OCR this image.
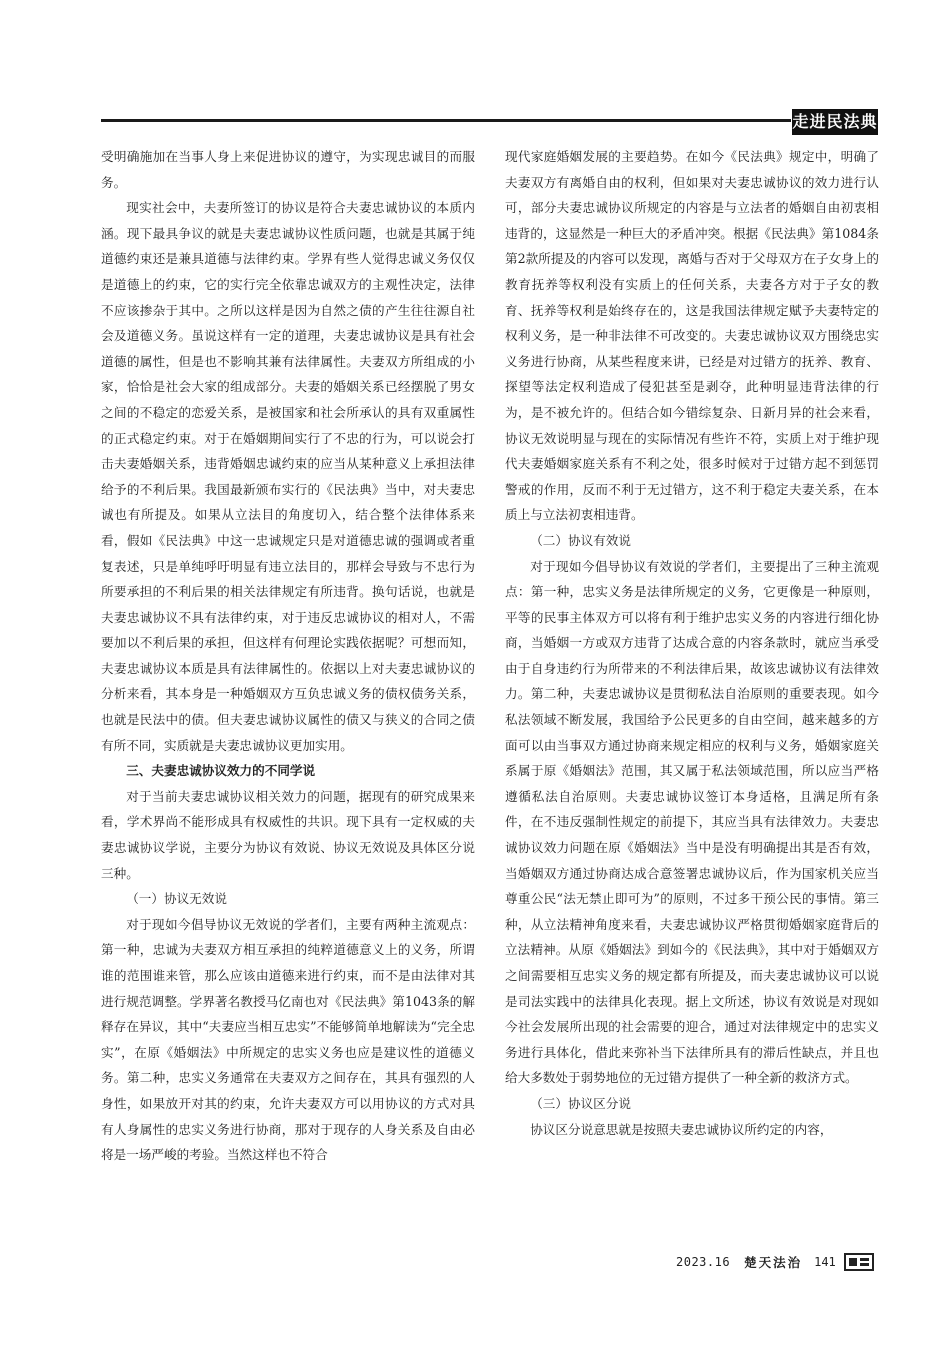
走进民法典

受明确施加在当事人身上来促进协议的遵守，为实现忠诚目的而服务。

现实社会中，夫妻所签订的协议是符合夫妻忠诚协议的本质内涵。现下最具争议的就是夫妻忠诚协议性质问题，也就是其属于纯道德约束还是兼具道德与法律约束。学界有些人觉得忠诚义务仅仅是道德上的约束，它的实行完全依靠忠诚双方的主观性决定，法律不应该掺杂于其中。之所以这样是因为自然之债的产生往往源自社会及道德义务。虽说这样有一定的道理，夫妻忠诚协议是具有社会道德的属性，但是也不影响其兼有法律属性。夫妻双方所组成的小家，恰恰是社会大家的组成部分。夫妻的婚姻关系已经摆脱了男女之间的不稳定的恋爱关系，是被国家和社会所承认的具有双重属性的正式稳定约束。对于在婚姻期间实行了不忠的行为，可以说会打击夫妻婚姻关系，违背婚姻忠诚约束的应当从某种意义上承担法律给予的不利后果。我国最新颁布实行的《民法典》当中，对夫妻忠诚也有所提及。如果从立法目的角度切入，结合整个法律体系来看，假如《民法典》中这一忠诚规定只是对道德忠诚的强调或者重复表述，只是单纯呼吁明显有违立法目的，那样会导致与不忠行为所要承担的不利后果的相关法律规定有所违背。换句话说，也就是夫妻忠诚协议不具有法律约束，对于违反忠诚协议的相对人，不需要加以不利后果的承担，但这样有何理论实践依据呢？可想而知，夫妻忠诚协议本质是具有法律属性的。依据以上对夫妻忠诚协议的分析来看，其本身是一种婚姻双方互负忠诚义务的债权债务关系，也就是民法中的债。但夫妻忠诚协议属性的债又与狭义的合同之债有所不同，实质就是夫妻忠诚协议更加实用。

三、夫妻忠诚协议效力的不同学说

对于当前夫妻忠诚协议相关效力的问题，据现有的研究成果来看，学术界尚不能形成具有权威性的共识。现下具有一定权威的夫妻忠诚协议学说，主要分为协议有效说、协议无效说及具体区分说三种。

（一）协议无效说

对于现如今倡导协议无效说的学者们，主要有两种主流观点：第一种，忠诚为夫妻双方相互承担的纯粹道德意义上的义务，所谓谁的范围谁来管，那么应该由道德来进行约束，而不是由法律对其进行规范调整。学界著名教授马亿南也对《民法典》第1043条的解释存在异议，其中“夫妻应当相互忠实”不能够简单地解读为“完全忠实”，在原《婚姻法》中所规定的忠实义务也应是建议性的道德义务。第二种，忠实义务通常在夫妻双方之间存在，其具有强烈的人身性，如果放开对其的约束，允许夫妻双方可以用协议的方式对具有人身属性的忠实义务进行协商，那对于现存的人身关系及自由必将是一场严峻的考验。当然这样也不符合

现代家庭婚姻发展的主要趋势。在如今《民法典》规定中，明确了夫妻双方有离婚自由的权利，但如果对夫妻忠诚协议的效力进行认可，部分夫妻忠诚协议所规定的内容是与立法者的婚姻自由初衷相违背的，这显然是一种巨大的矛盾冲突。根据《民法典》第1084条第2款所提及的内容可以发现，离婚与否对于父母双方在子女身上的教育抚养等权利没有实质上的任何关系，夫妻各方对于子女的教育、抚养等权利是始终存在的，这是我国法律规定赋予夫妻特定的权利义务，是一种非法律不可改变的。夫妻忠诚协议双方围绕忠实义务进行协商，从某些程度来讲，已经是对过错方的抚养、教育、探望等法定权利造成了侵犯甚至是剥夺，此种明显违背法律的行为，是不被允许的。但结合如今错综复杂、日新月异的社会来看，协议无效说明显与现在的实际情况有些许不符，实质上对于维护现代夫妻婚姻家庭关系有不利之处，很多时候对于过错方起不到惩罚警戒的作用，反而不利于无过错方，这不利于稳定夫妻关系，在本质上与立法初衷相违背。

（二）协议有效说

对于现如今倡导协议有效说的学者们，主要提出了三种主流观点：第一种，忠实义务是法律所规定的义务，它更像是一种原则，平等的民事主体双方可以将有利于维护忠实义务的内容进行细化协商，当婚姻一方或双方违背了达成合意的内容条款时，就应当承受由于自身违约行为所带来的不利法律后果，故该忠诚协议有法律效力。第二种，夫妻忠诚协议是贯彻私法自治原则的重要表现。如今私法领域不断发展，我国给予公民更多的自由空间，越来越多的方面可以由当事双方通过协商来规定相应的权利与义务，婚姻家庭关系属于原《婚姻法》范围，其又属于私法领域范围，所以应当严格遵循私法自治原则。夫妻忠诚协议签订本身适格，且满足所有条件，在不违反强制性规定的前提下，其应当具有法律效力。夫妻忠诚协议效力问题在原《婚姻法》当中是没有明确提出其是否有效，当婚姻双方通过协商达成合意签署忠诚协议后，作为国家机关应当尊重公民“法无禁止即可为”的原则，不过多干预公民的事情。第三种，从立法精神角度来看，夫妻忠诚协议严格贯彻婚姻家庭背后的立法精神。从原《婚姻法》到如今的《民法典》，其中对于婚姻双方之间需要相互忠实义务的规定都有所提及，而夫妻忠诚协议可以说是司法实践中的法律具化表现。据上文所述，协议有效说是对现如今社会发展所出现的社会需要的迎合，通过对法律规定中的忠实义务进行具体化，借此来弥补当下法律所具有的滞后性缺点，并且也给大多数处于弱势地位的无过错方提供了一种全新的救济方式。

（三）协议区分说

协议区分说意思就是按照夫妻忠诚协议所约定的内容，

2023.16 楚天法治 141
